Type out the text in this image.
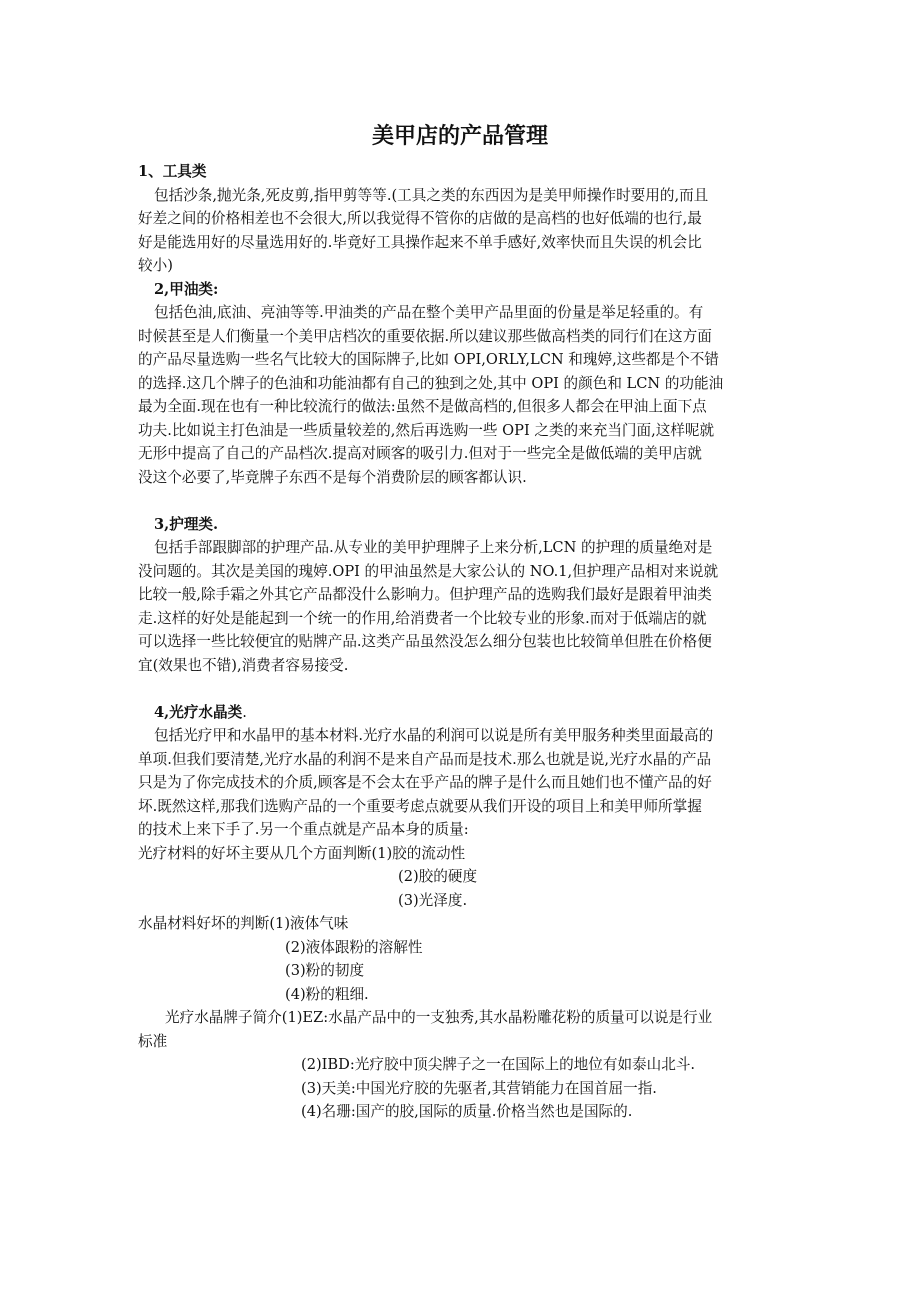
美甲店的产品管理

1、工具类

包括沙条,抛光条,死皮剪,指甲剪等等.(工具之类的东西因为是美甲师操作时要用的,而且

好差之间的价格相差也不会很大,所以我觉得不管你的店做的是高档的也好低端的也行,最

好是能选用好的尽量选用好的.毕竟好工具操作起来不单手感好,效率快而且失误的机会比

较小)

2,甲油类:

包括色油,底油、亮油等等.甲油类的产品在整个美甲产品里面的份量是举足轻重的。有

时候甚至是人们衡量一个美甲店档次的重要依据.所以建议那些做高档类的同行们在这方面

的产品尽量选购一些名气比较大的国际牌子,比如 OPI,ORLY,LCN 和瑰婷,这些都是个不错

的选择.这几个牌子的色油和功能油都有自己的独到之处,其中 OPI 的颜色和 LCN 的功能油

最为全面.现在也有一种比较流行的做法:虽然不是做高档的,但很多人都会在甲油上面下点

功夫.比如说主打色油是一些质量较差的,然后再选购一些 OPI 之类的来充当门面,这样呢就

无形中提高了自己的产品档次.提高对顾客的吸引力.但对于一些完全是做低端的美甲店就

没这个必要了,毕竟牌子东西不是每个消费阶层的顾客都认识.

3,护理类.

包括手部跟脚部的护理产品.从专业的美甲护理牌子上来分析,LCN 的护理的质量绝对是

没问题的。其次是美国的瑰婷.OPI 的甲油虽然是大家公认的 NO.1,但护理产品相对来说就

比较一般,除手霜之外其它产品都没什么影响力。但护理产品的选购我们最好是跟着甲油类

走.这样的好处是能起到一个统一的作用,给消费者一个比较专业的形象.而对于低端店的就

可以选择一些比较便宜的贴牌产品.这类产品虽然没怎么细分包装也比较简单但胜在价格便

宜(效果也不错),消费者容易接受.

4,光疗水晶类.

包括光疗甲和水晶甲的基本材料.光疗水晶的利润可以说是所有美甲服务种类里面最高的

单项.但我们要清楚,光疗水晶的利润不是来自产品而是技术.那么也就是说,光疗水晶的产品

只是为了你完成技术的介质,顾客是不会太在乎产品的牌子是什么而且她们也不懂产品的好

坏.既然这样,那我们选购产品的一个重要考虑点就要从我们开设的项目上和美甲师所掌握

的技术上来下手了.另一个重点就是产品本身的质量:

光疗材料的好坏主要从几个方面判断(1)胶的流动性

(2)胶的硬度

(3)光泽度.

水晶材料好坏的判断(1)液体气味

(2)液体跟粉的溶解性

(3)粉的韧度

(4)粉的粗细.

光疗水晶牌子简介(1)EZ:水晶产品中的一支独秀,其水晶粉雕花粉的质量可以说是行业

标准

(2)IBD:光疗胶中顶尖牌子之一在国际上的地位有如泰山北斗.

(3)天美:中国光疗胶的先驱者,其营销能力在国首屈一指.

(4)名珊:国产的胶,国际的质量.价格当然也是国际的.
